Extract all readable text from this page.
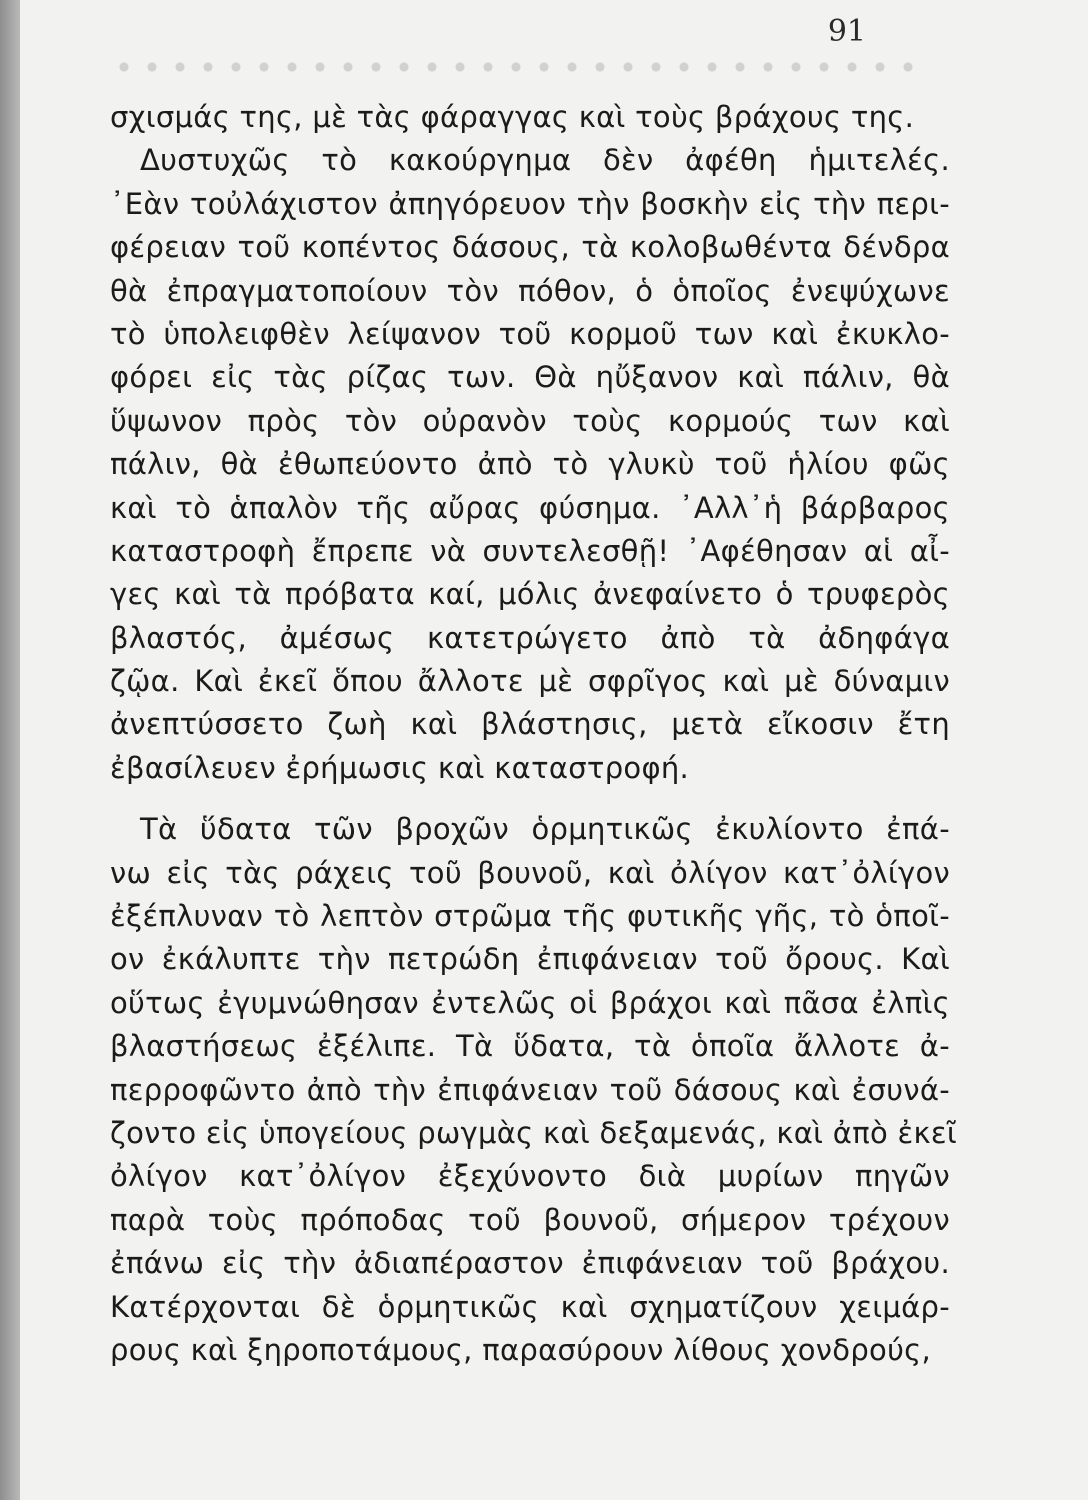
91
σχισμάς της, μὲ τὰς φάραγγας καὶ τοὺς βράχους της.
Δυστυχῶς τὸ κακούργημα δὲν ἀφέθη ἡμιτελές.
᾿Εὰν τοὐλάχιστον ἀπηγόρευον τὴν βοσκὴν εἰς τὴν περι-
φέρειαν τοῦ κοπέντος δάσους, τὰ κολοβωθέντα δένδρα
θὰ ἐπραγματοποίουν τὸν πόθον, ὁ ὁποῖος ἐνεψύχωνε
τὸ ὑπολειφθὲν λείψανον τοῦ κορμοῦ των καὶ ἐκυκλο-
φόρει εἰς τὰς ρίζας των. Θὰ ηὔξανον καὶ πάλιν, θὰ
ὕψωνον πρὸς τὸν οὐρανὸν τοὺς κορμούς των καὶ
πάλιν, θὰ ἐθωπεύοντο ἀπὸ τὸ γλυκὺ τοῦ ἡλίου φῶς
καὶ τὸ ἁπαλὸν τῆς αὔρας φύσημα. ᾿Αλλ᾿ἡ βάρβαρος
καταστροφὴ ἔπρεπε νὰ συντελεσθῇ! ᾿Αφέθησαν αἱ αἶ-
γες καὶ τὰ πρόβατα καί, μόλις ἀνεφαίνετο ὁ τρυφερὸς
βλαστός, ἀμέσως κατετρώγετο ἀπὸ τὰ ἀδηφάγα
ζῷα. Καὶ ἐκεῖ ὅπου ἄλλοτε μὲ σφρῖγος καὶ μὲ δύναμιν
ἀνεπτύσσετο ζωὴ καὶ βλάστησις, μετὰ εἴκοσιν ἔτη
ἐβασίλευεν ἐρήμωσις καὶ καταστροφή.
Τὰ ὕδατα τῶν βροχῶν ὁρμητικῶς ἐκυλίοντο ἐπά-
νω εἰς τὰς ράχεις τοῦ βουνοῦ, καὶ ὀλίγον κατ᾿ὀλίγον
ἐξέπλυναν τὸ λεπτὸν στρῶμα τῆς φυτικῆς γῆς, τὸ ὁποῖ-
ον ἐκάλυπτε τὴν πετρώδη ἐπιφάνειαν τοῦ ὄρους. Καὶ
οὕτως ἐγυμνώθησαν ἐντελῶς οἱ βράχοι καὶ πᾶσα ἐλπὶς
βλαστήσεως ἐξέλιπε. Τὰ ὕδατα, τὰ ὁποῖα ἄλλοτε ἀ-
περροφῶντο ἀπὸ τὴν ἐπιφάνειαν τοῦ δάσους καὶ ἐσυνά-
ζοντο εἰς ὑπογείους ρωγμὰς καὶ δεξαμενάς, καὶ ἀπὸ ἐκεῖ
ὀλίγον κατ᾿ὀλίγον ἐξεχύνοντο διὰ μυρίων πηγῶν
παρὰ τοὺς πρόποδας τοῦ βουνοῦ, σήμερον τρέχουν
ἐπάνω εἰς τὴν ἀδιαπέραστον ἐπιφάνειαν τοῦ βράχου.
Κατέρχονται δὲ ὁρμητικῶς καὶ σχηματίζουν χειμάρ-
ρους καὶ ξηροποτάμους, παρασύρουν λίθους χονδρούς,
